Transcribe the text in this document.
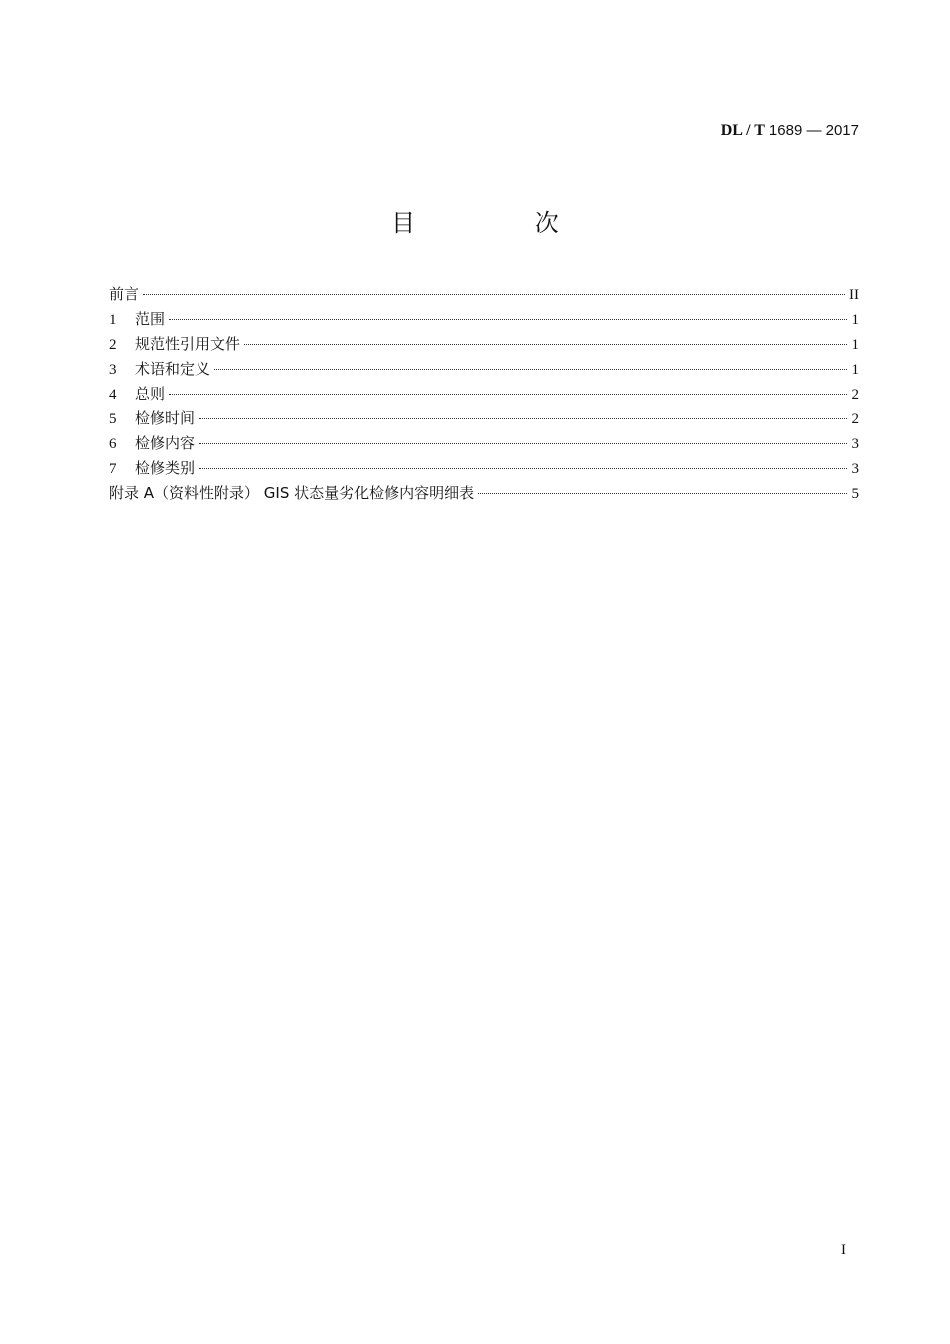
DL / T 1689 — 2017
目 次
前言	II
1	范围	1
2	规范性引用文件	1
3	术语和定义	1
4	总则	2
5	检修时间	2
6	检修内容	3
7	检修类别	3
附录 A（资料性附录） GIS 状态量劣化检修内容明细表	5
I
